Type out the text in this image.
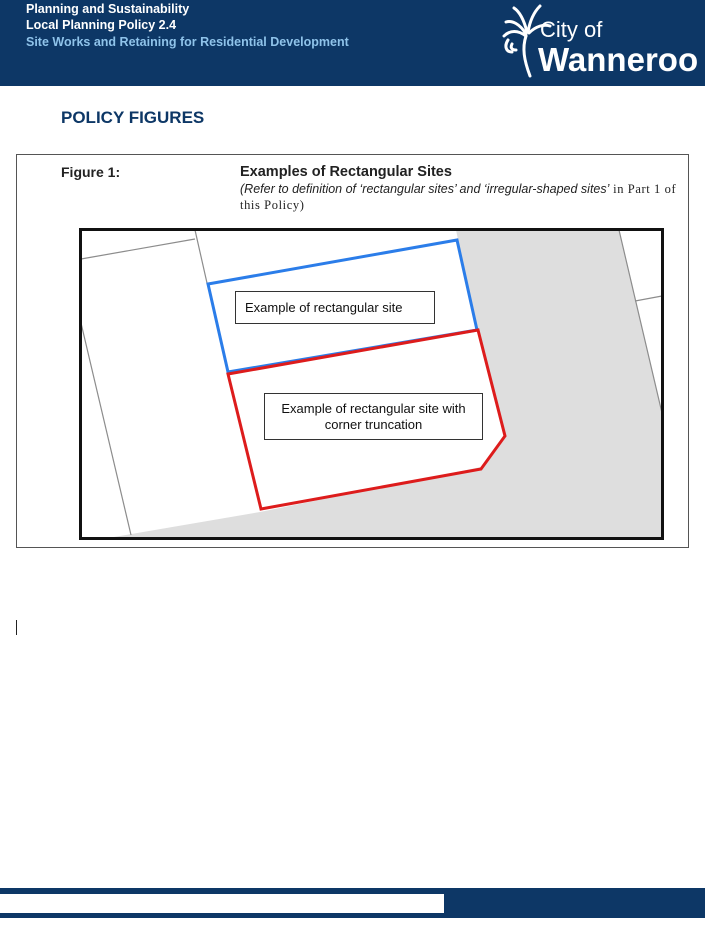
Planning and Sustainability
Local Planning Policy 2.4
Site Works and Retaining for Residential Development	City of
Wanneroo
POLICY FIGURES
Figure 1:	Examples of Rectangular Sites
(Refer to definition of ‘rectangular sites’ and ‘irregular-shaped sites’ in Part 1 of this Policy)
Example of rectangular site
Example of rectangular site with corner truncation
